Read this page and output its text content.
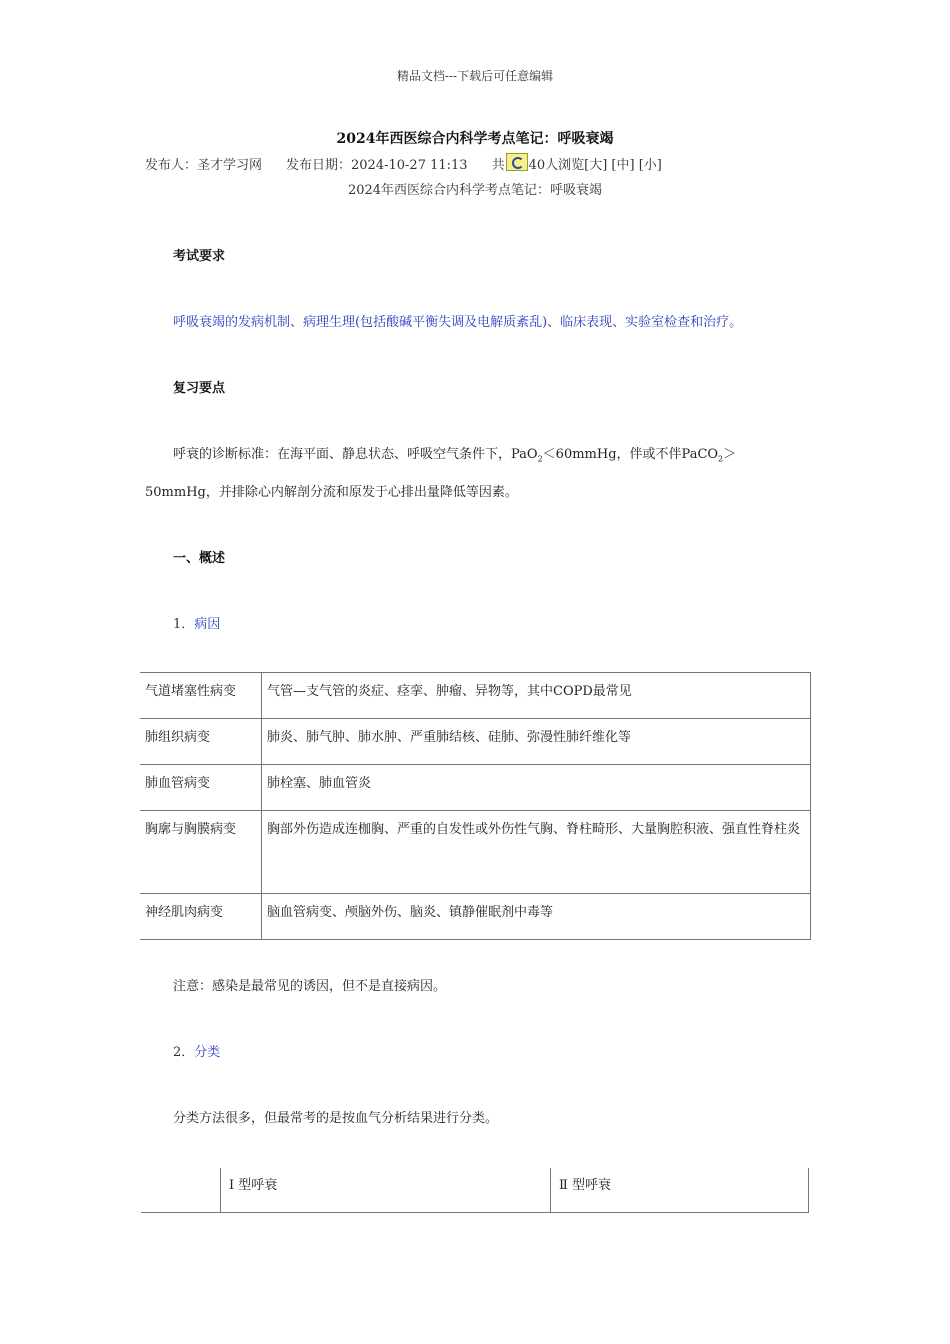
精品文档---下载后可任意编辑
2024年西医综合内科学考点笔记：呼吸衰竭
发布人：圣才学习网 发布日期：2024-10-27 11:13 共 40人浏览[大] [中] [小]
2024年西医综合内科学考点笔记：呼吸衰竭
考试要求
呼吸衰竭的发病机制、病理生理(包括酸碱平衡失调及电解质紊乱)、临床表现、实验室检查和治疗。
复习要点
呼衰的诊断标准：在海平面、静息状态、呼吸空气条件下，PaO$_2$＜60mmHg，伴或不伴PaCO$_2$＞
50mmHg，并排除心内解剖分流和原发于心排出量降低等因素。
一、概述
1．病因
气道堵塞性病变	气管—支气管的炎症、痉挛、肿瘤、异物等，其中COPD最常见
肺组织病变	肺炎、肺气肿、肺水肿、严重肺结核、硅肺、弥漫性肺纤维化等
肺血管病变	肺栓塞、肺血管炎
胸廓与胸膜病变	胸部外伤造成连枷胸、严重的自发性或外伤性气胸、脊柱畸形、大量胸腔积液、强直性脊柱炎
神经肌肉病变	脑血管病变、颅脑外伤、脑炎、镇静催眠剂中毒等
注意：感染是最常见的诱因，但不是直接病因。
2．分类
分类方法很多，但最常考的是按血气分析结果进行分类。
	Ⅰ 型呼衰	Ⅱ 型呼衰
